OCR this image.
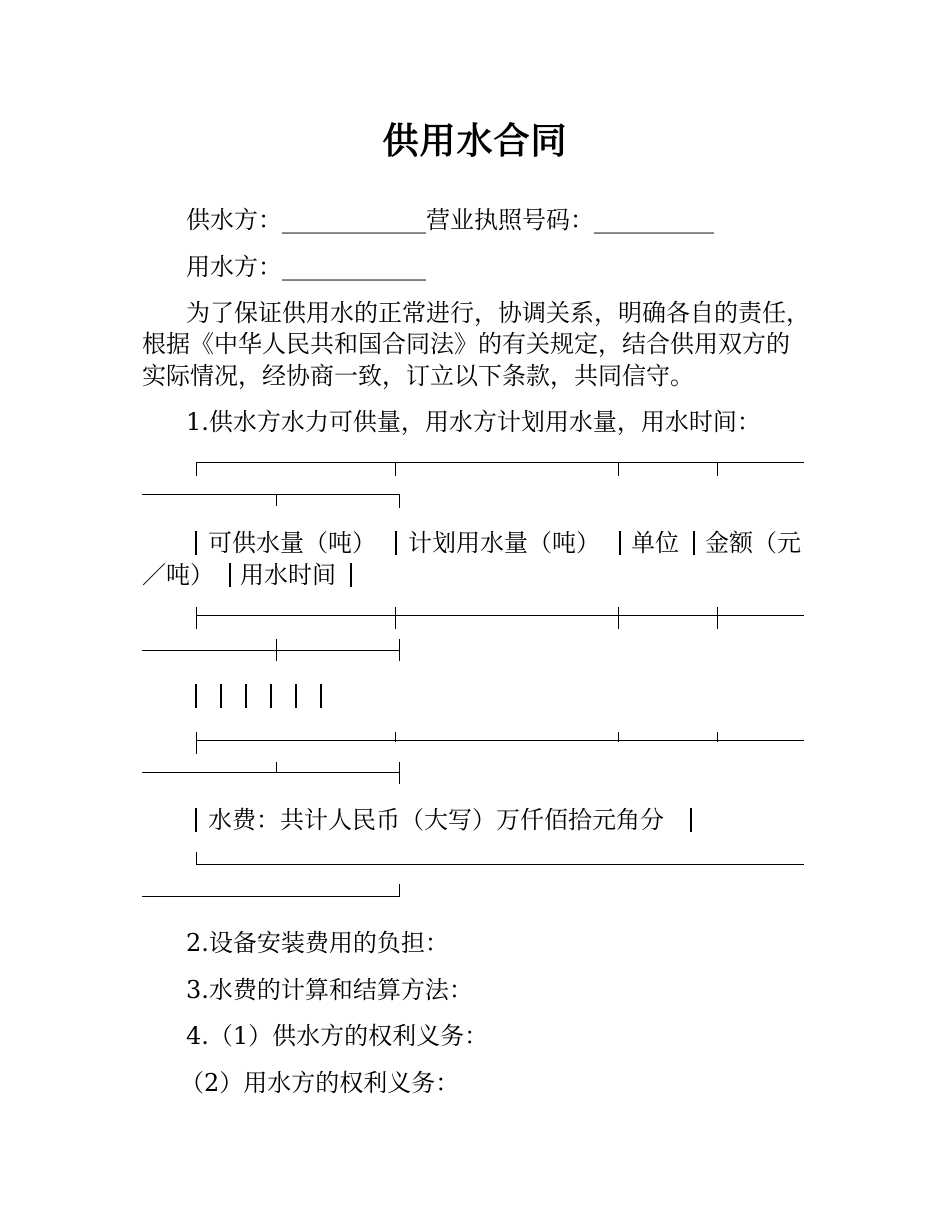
供用水合同
供水方：____________营业执照号码：__________
用水方：____________
为了保证供用水的正常进行，协调关系，明确各自的责任，
根据《中华人民共和国合同法》的有关规定，结合供用双方的
实际情况，经协商一致，订立以下条款，共同信守。
1.供水方水力可供量，用水方计划用水量，用水时间：
可供水量（吨） 计划用水量（吨） 单位 金额（元
／吨） 用水时间
水费：共计人民币（大写）万仟佰拾元角分
2.设备安装费用的负担：
3.水费的计算和结算方法：
4.（1）供水方的权利义务：
（2）用水方的权利义务：
